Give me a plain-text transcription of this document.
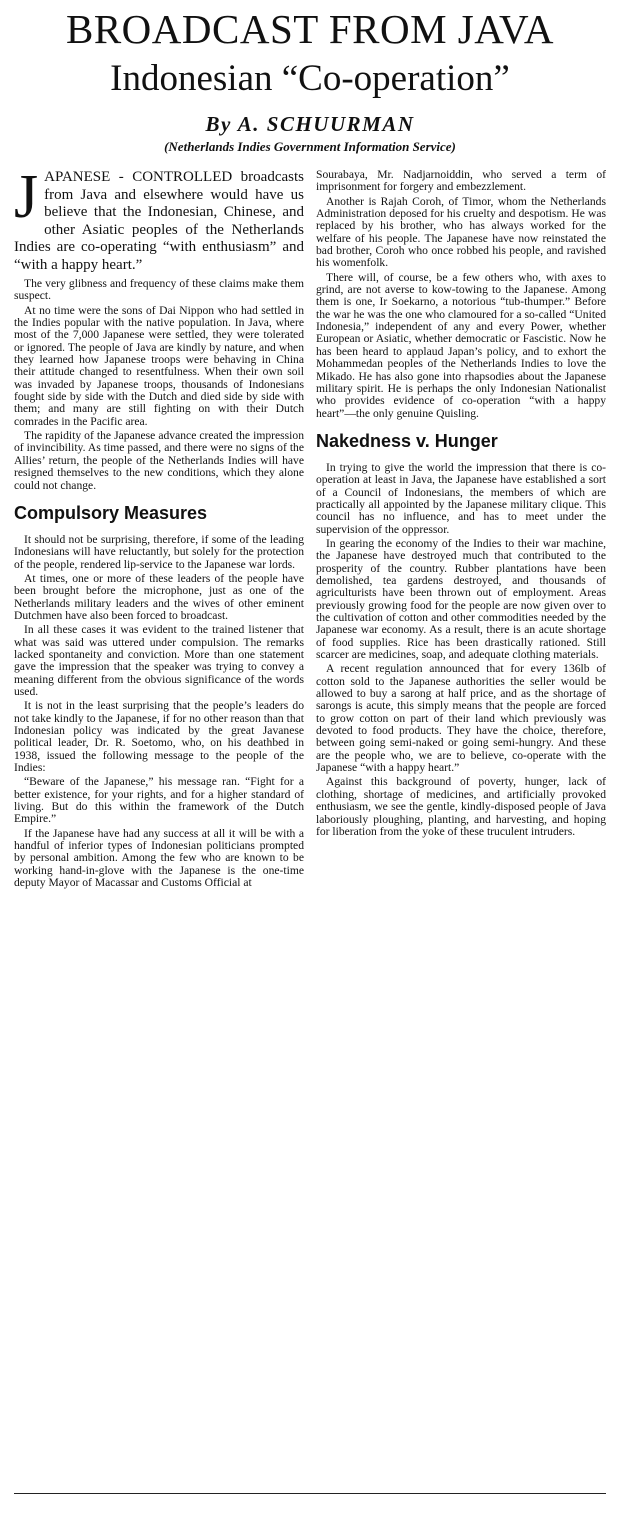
BROADCAST FROM JAVA
Indonesian “Co-operation”
By A. SCHUURMAN
(Netherlands Indies Government Information Service)

JAPANESE - CONTROLLED broadcasts from Java and elsewhere would have us believe that the Indonesian, Chinese, and other Asiatic peoples of the Netherlands Indies are co-operating “with enthusiasm” and “with a happy heart.”

The very glibness and frequency of these claims make them suspect.

At no time were the sons of Dai Nippon who had settled in the Indies popular with the native population. In Java, where most of the 7,000 Japanese were settled, they were tolerated or ignored. The people of Java are kindly by nature, and when they learned how Japanese troops were behaving in China their attitude changed to resentfulness. When their own soil was invaded by Japanese troops, thousands of Indonesians fought side by side with the Dutch and died side by side with them; and many are still fighting on with their Dutch comrades in the Pacific area.

The rapidity of the Japanese advance created the impression of invincibility. As time passed, and there were no signs of the Allies’ return, the people of the Netherlands Indies will have resigned themselves to the new conditions, which they alone could not change.

Compulsory Measures

It should not be surprising, therefore, if some of the leading Indonesians will have reluctantly, but solely for the protection of the people, rendered lip-service to the Japanese war lords.

At times, one or more of these leaders of the people have been brought before the microphone, just as one of the Netherlands military leaders and the wives of other eminent Dutchmen have also been forced to broadcast.

In all these cases it was evident to the trained listener that what was said was uttered under compulsion. The remarks lacked spontaneity and conviction. More than one statement gave the impression that the speaker was trying to convey a meaning different from the obvious significance of the words used.

It is not in the least surprising that the people’s leaders do not take kindly to the Japanese, if for no other reason than that Indonesian policy was indicated by the great Javanese political leader, Dr. R. Soetomo, who, on his deathbed in 1938, issued the following message to the people of the Indies:

“Beware of the Japanese,” his message ran. “Fight for a better existence, for your rights, and for a higher standard of living. But do this within the framework of the Dutch Empire.”

If the Japanese have had any success at all it will be with a handful of inferior types of Indonesian politicians prompted by personal ambition. Among the few who are known to be working hand-in-glove with the Japanese is the one-time deputy Mayor of Macassar and Customs Official at

Sourabaya, Mr. Nadjarnoiddin, who served a term of imprisonment for forgery and embezzlement.

Another is Rajah Coroh, of Timor, whom the Netherlands Administration deposed for his cruelty and despotism. He was replaced by his brother, who has always worked for the welfare of his people. The Japanese have now reinstated the bad brother, Coroh who once robbed his people, and ravished his womenfolk.

There will, of course, be a few others who, with axes to grind, are not averse to kow-towing to the Japanese. Among them is one, Ir Soekarno, a notorious “tub-thumper.” Before the war he was the one who clamoured for a so-called “United Indonesia,” independent of any and every Power, whether European or Asiatic, whether democratic or Fascistic. Now he has been heard to applaud Japan’s policy, and to exhort the Mohammedan peoples of the Netherlands Indies to love the Mikado. He has also gone into rhapsodies about the Japanese military spirit. He is perhaps the only Indonesian Nationalist who provides evidence of co-operation “with a happy heart”—the only genuine Quisling.

Nakedness v. Hunger

In trying to give the world the impression that there is co-operation at least in Java, the Japanese have established a sort of a Council of Indonesians, the members of which are practically all appointed by the Japanese military clique. This council has no influence, and has to meet under the supervision of the oppressor.

In gearing the economy of the Indies to their war machine, the Japanese have destroyed much that contributed to the prosperity of the country. Rubber plantations have been demolished, tea gardens destroyed, and thousands of agriculturists have been thrown out of employment. Areas previously growing food for the people are now given over to the cultivation of cotton and other commodities needed by the Japanese war economy. As a result, there is an acute shortage of food supplies. Rice has been drastically rationed. Still scarcer are medicines, soap, and adequate clothing materials.

A recent regulation announced that for every 136lb of cotton sold to the Japanese authorities the seller would be allowed to buy a sarong at half price, and as the shortage of sarongs is acute, this simply means that the people are forced to grow cotton on part of their land which previously was devoted to food products. They have the choice, therefore, between going semi-naked or going semi-hungry. And these are the people who, we are to believe, co-operate with the Japanese “with a happy heart.”

Against this background of poverty, hunger, lack of clothing, shortage of medicines, and artificially provoked enthusiasm, we see the gentle, kindly-disposed people of Java laboriously ploughing, planting, and harvesting, and hoping for liberation from the yoke of these truculent intruders.
